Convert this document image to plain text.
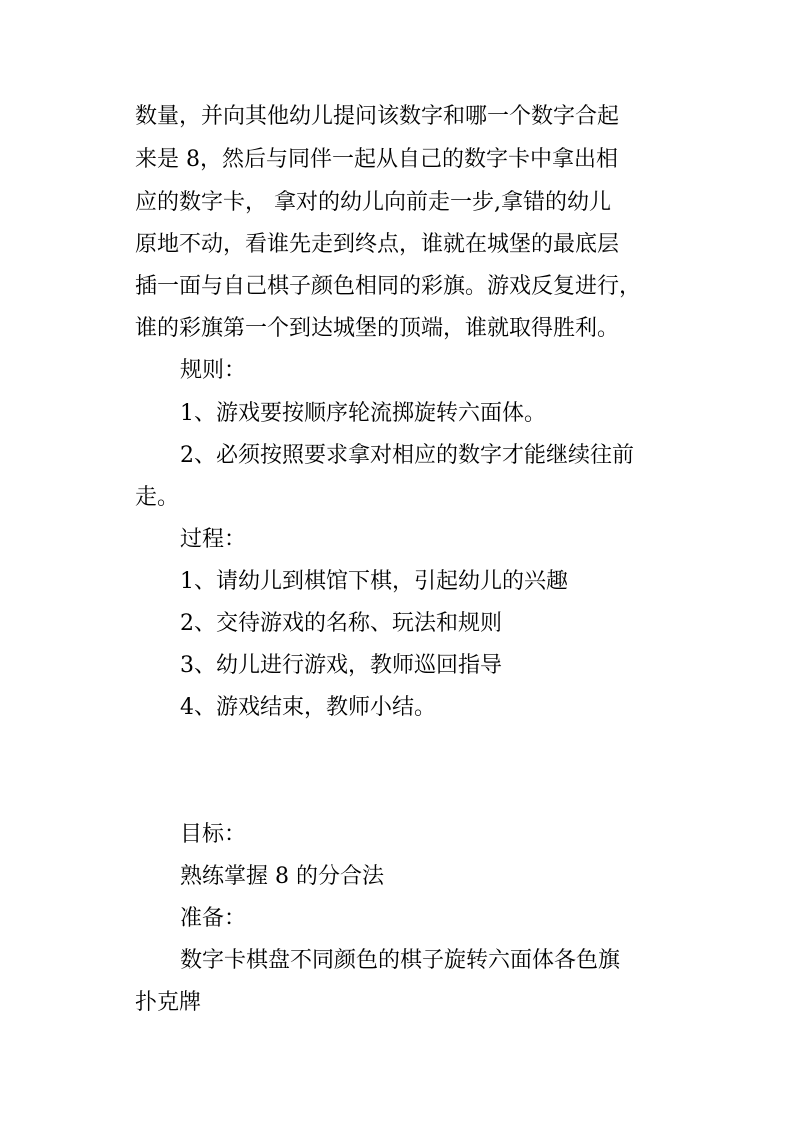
数量，并向其他幼儿提问该数字和哪一个数字合起
来是 8，然后与同伴一起从自己的数字卡中拿出相
应的数字卡， 拿对的幼儿向前走一步,拿错的幼儿
原地不动，看谁先走到终点，谁就在城堡的最底层
插一面与自己棋子颜色相同的彩旗。游戏反复进行，
谁的彩旗第一个到达城堡的顶端，谁就取得胜利。
规则：
1、游戏要按顺序轮流掷旋转六面体。
2、必须按照要求拿对相应的数字才能继续往前
走。
过程：
1、请幼儿到棋馆下棋，引起幼儿的兴趣
2、交待游戏的名称、玩法和规则
3、幼儿进行游戏，教师巡回指导
4、游戏结束，教师小结。
目标：
熟练掌握 8 的分合法
准备：
数字卡棋盘不同颜色的棋子旋转六面体各色旗
扑克牌
